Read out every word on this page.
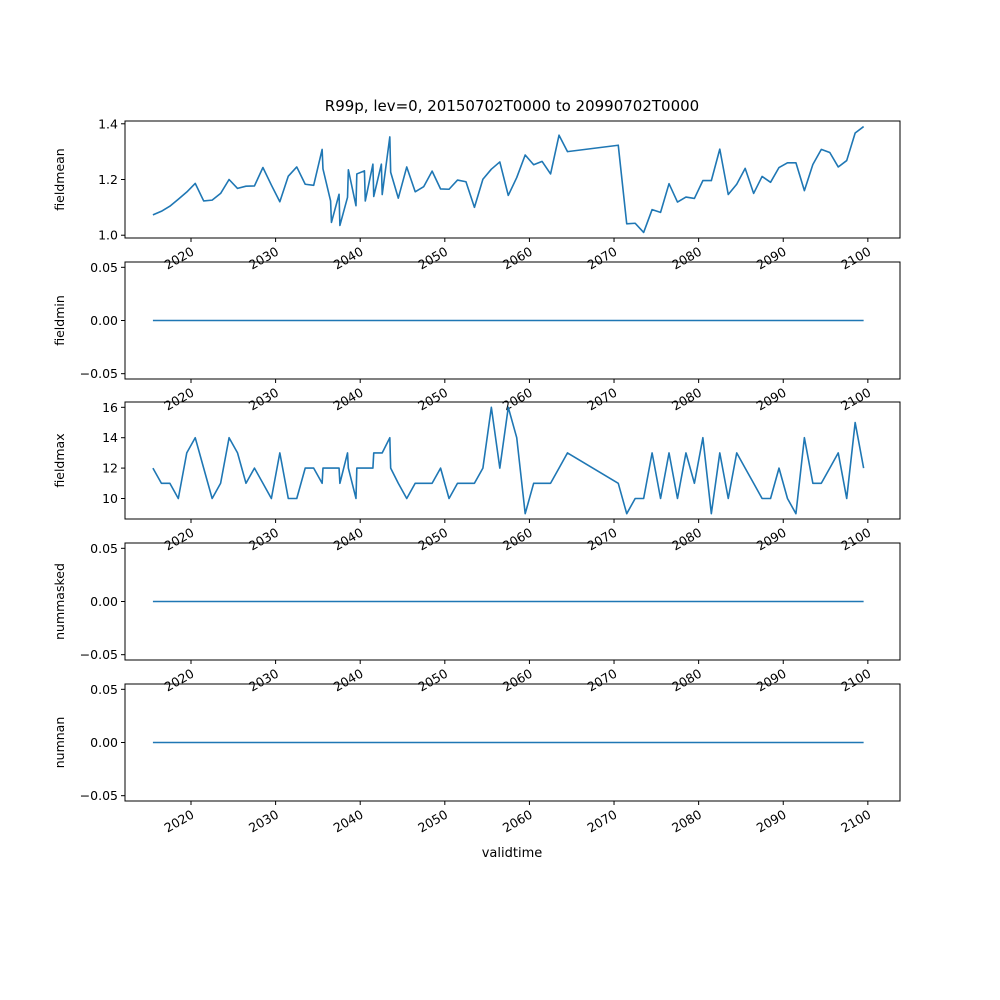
R99p, lev=0, 20150702T0000 to 20990702T0000
validtime
1.0
1.2
1.4
fieldmean
2020	2030	2040	2050	2060	2070	2080	2090	2100
−0.05
0.00
0.05
fieldmin
2020	2030	2040	2050	2060	2070	2080	2090	2100
10
12
14
16
fieldmax
2020	2030	2040	2050	2060	2070	2080	2090	2100
−0.05
0.00
0.05
nummasked
2020	2030	2040	2050	2060	2070	2080	2090	2100
−0.05
0.00
0.05
numnan
2020	2030	2040	2050	2060	2070	2080	2090	2100
